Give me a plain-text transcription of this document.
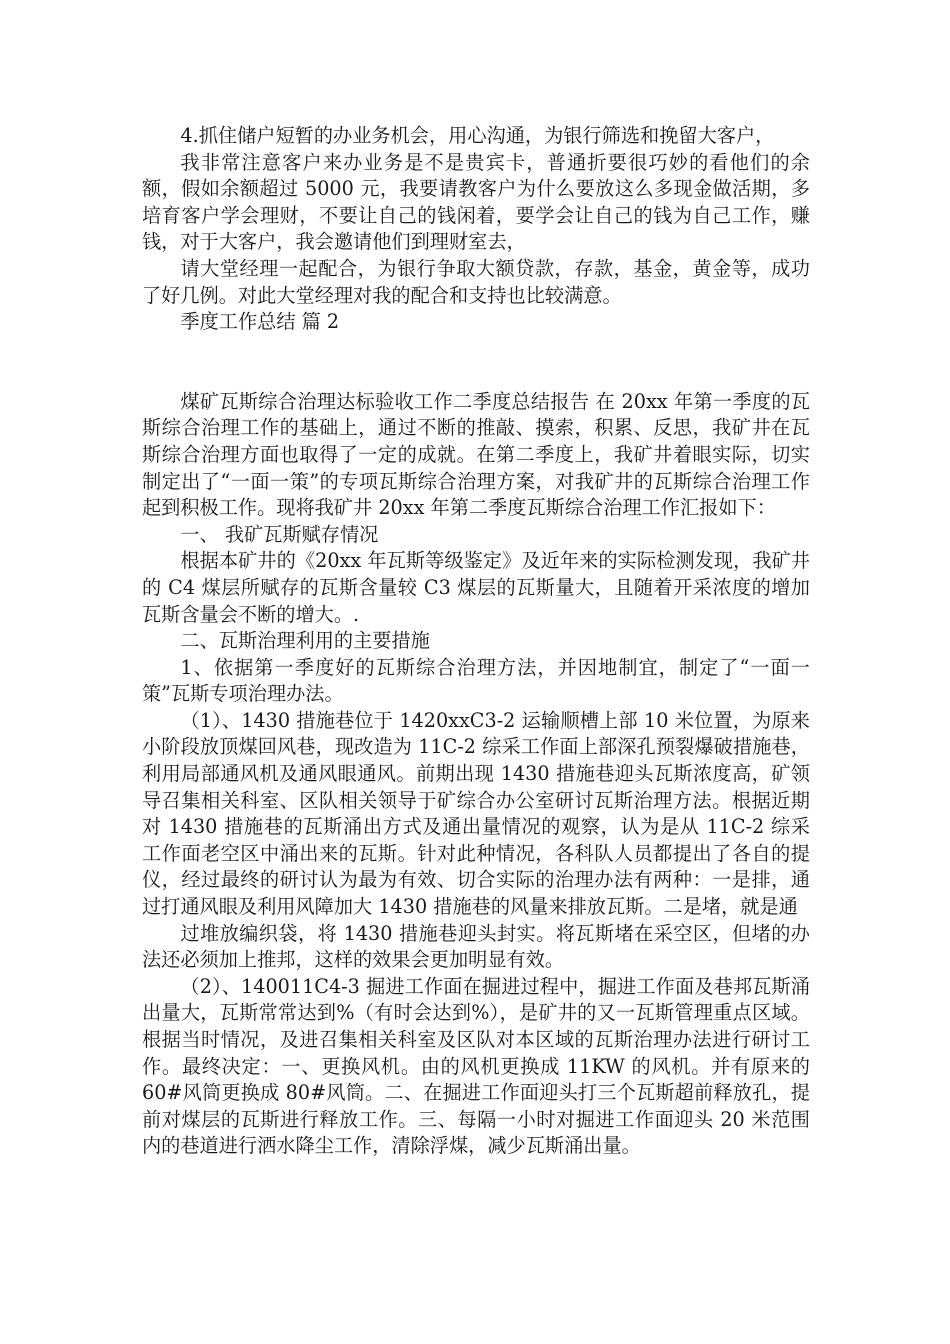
4.抓住储户短暂的办业务机会，用心沟通，为银行筛选和挽留大客户，

我非常注意客户来办业务是不是贵宾卡，普通折要很巧妙的看他们的余额，假如余额超过 5000 元，我要请教客户为什么要放这么多现金做活期，多培育客户学会理财，不要让自己的钱闲着，要学会让自己的钱为自己工作，赚钱，对于大客户，我会邀请他们到理财室去，

请大堂经理一起配合，为银行争取大额贷款，存款，基金，黄金等，成功了好几例。对此大堂经理对我的配合和支持也比较满意。

季度工作总结 篇 2

煤矿瓦斯综合治理达标验收工作二季度总结报告 在 20xx 年第一季度的瓦斯综合治理工作的基础上，通过不断的推敲、摸索，积累、反思，我矿井在瓦斯综合治理方面也取得了一定的成就。在第二季度上，我矿井着眼实际，切实制定出了“一面一策”的专项瓦斯综合治理方案，对我矿井的瓦斯综合治理工作起到积极工作。现将我矿井 20xx 年第二季度瓦斯综合治理工作汇报如下：

一、 我矿瓦斯赋存情况

根据本矿井的《20xx 年瓦斯等级鉴定》及近年来的实际检测发现，我矿井的 C4 煤层所赋存的瓦斯含量较 C3 煤层的瓦斯量大，且随着开采浓度的增加瓦斯含量会不断的增大。.

二、瓦斯治理利用的主要措施

1、依据第一季度好的瓦斯综合治理方法，并因地制宜，制定了“一面一策”瓦斯专项治理办法。

（1）、1430 措施巷位于 1420xxC3-2 运输顺槽上部 10 米位置，为原来小阶段放顶煤回风巷，现改造为 11C-2 综采工作面上部深孔预裂爆破措施巷，利用局部通风机及通风眼通风。前期出现 1430 措施巷迎头瓦斯浓度高，矿领导召集相关科室、区队相关领导于矿综合办公室研讨瓦斯治理方法。根据近期对 1430 措施巷的瓦斯涌出方式及通出量情况的观察，认为是从 11C-2 综采工作面老空区中涌出来的瓦斯。针对此种情况，各科队人员都提出了各自的提仪，经过最终的研讨认为最为有效、切合实际的治理办法有两种：一是排，通过打通风眼及利用风障加大 1430 措施巷的风量来排放瓦斯。二是堵，就是通

过堆放编织袋，将 1430 措施巷迎头封实。将瓦斯堵在采空区，但堵的办法还必须加上推邦，这样的效果会更加明显有效。

（2）、140011C4-3 掘进工作面在掘进过程中，掘进工作面及巷邦瓦斯涌出量大，瓦斯常常达到%（有时会达到%），是矿井的又一瓦斯管理重点区域。根据当时情况，及进召集相关科室及区队对本区域的瓦斯治理办法进行研讨工作。最终决定：一、更换风机。由的风机更换成 11KW 的风机。并有原来的 60#风筒更换成 80#风筒。二、在掘进工作面迎头打三个瓦斯超前释放孔，提前对煤层的瓦斯进行释放工作。三、每隔一小时对掘进工作面迎头 20 米范围内的巷道进行洒水降尘工作，清除浮煤，减少瓦斯涌出量。
